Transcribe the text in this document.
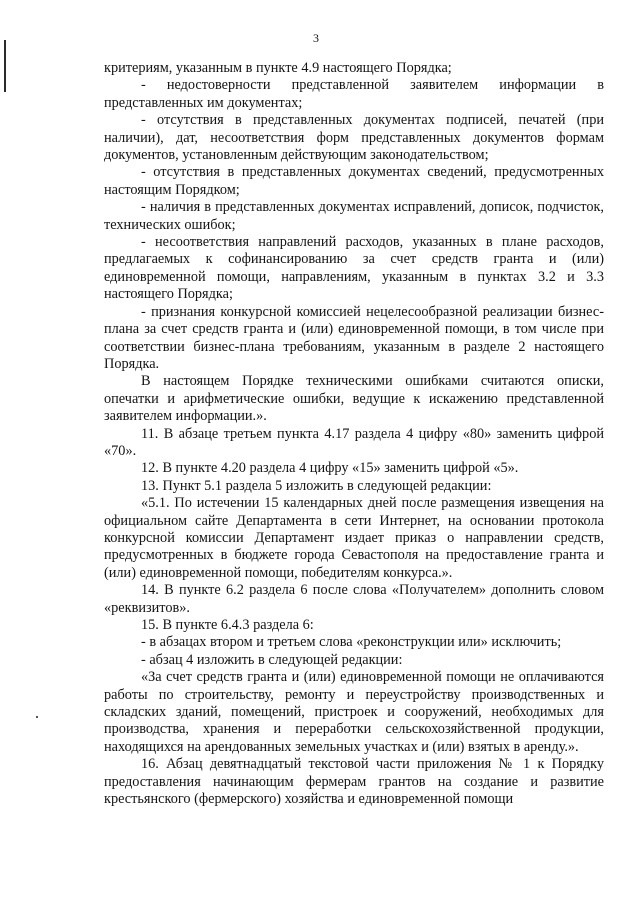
3

критериям, указанным в пункте 4.9 настоящего Порядка;

- недостоверности представленной заявителем информации в представленных им документах;

- отсутствия в представленных документах подписей, печатей (при наличии), дат, несоответствия форм представленных документов формам документов, установленным действующим законодательством;

- отсутствия в представленных документах сведений, предусмотренных настоящим Порядком;

- наличия в представленных документах исправлений, дописок, подчисток, технических ошибок;

- несоответствия направлений расходов, указанных в плане расходов, предлагаемых к софинансированию за счет средств гранта и (или) единовременной помощи, направлениям, указанным в пунктах 3.2 и 3.3 настоящего Порядка;

- признания конкурсной комиссией нецелесообразной реализации бизнес-плана за счет средств гранта и (или) единовременной помощи, в том числе при соответствии бизнес-плана требованиям, указанным в разделе 2 настоящего Порядка.

В настоящем Порядке техническими ошибками считаются описки, опечатки и арифметические ошибки, ведущие к искажению представленной заявителем информации.».

11. В абзаце третьем пункта 4.17 раздела 4 цифру «80» заменить цифрой «70».

12. В пункте 4.20 раздела 4 цифру «15» заменить цифрой «5».

13. Пункт 5.1 раздела 5 изложить в следующей редакции:

«5.1. По истечении 15 календарных дней после размещения извещения на официальном сайте Департамента в сети Интернет, на основании протокола конкурсной комиссии Департамент издает приказ о направлении средств, предусмотренных в бюджете города Севастополя на предоставление гранта и (или) единовременной помощи, победителям конкурса.».

14. В пункте 6.2 раздела 6 после слова «Получателем» дополнить словом «реквизитов».

15. В пункте 6.4.3 раздела 6:

- в абзацах втором и третьем слова «реконструкции или» исключить;

- абзац 4 изложить в следующей редакции:

«За счет средств гранта и (или) единовременной помощи не оплачиваются работы по строительству, ремонту и переустройству производственных и складских зданий, помещений, пристроек и сооружений, необходимых для производства, хранения и переработки сельскохозяйственной продукции, находящихся на арендованных земельных участках и (или) взятых в аренду.».

16. Абзац девятнадцатый текстовой части приложения № 1 к Порядку предоставления начинающим фермерам грантов на создание и развитие крестьянского (фермерского) хозяйства и единовременной помощи
